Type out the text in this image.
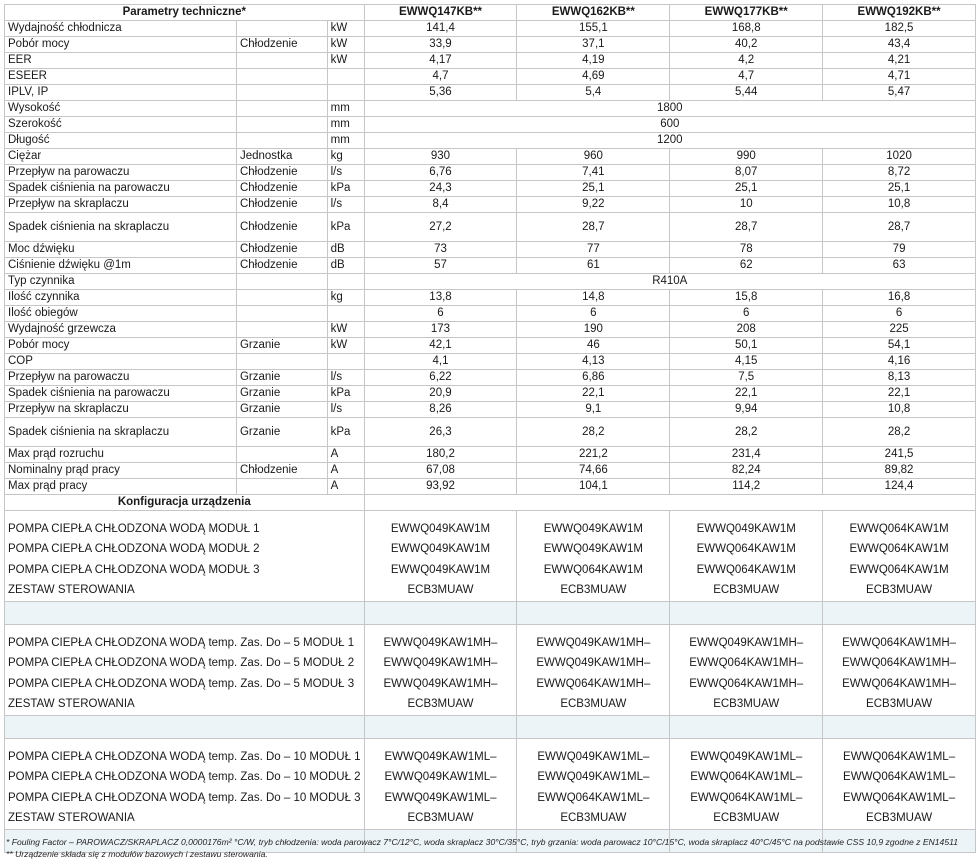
Parametry techniczne*			EWWQ147KB**	EWWQ162KB**	EWWQ177KB**	EWWQ192KB**
Wydajność chłodnicza		kW	141,4	155,1	168,8	182,5
Pobór mocy	Chłodzenie	kW	33,9	37,1	40,2	43,4
EER		kW	4,17	4,19	4,2	4,21
ESEER			4,7	4,69	4,7	4,71
IPLV, IP			5,36	5,4	5,44	5,47
Wysokość		mm	1800			
Szerokość		mm	600			
Długość		mm	1200			
Ciężar	Jednostka	kg	930	960	990	1020
Przepływ na parowaczu	Chłodzenie	l/s	6,76	7,41	8,07	8,72
Spadek ciśnienia na parowaczu	Chłodzenie	kPa	24,3	25,1	25,1	25,1
Przepływ na skraplaczu	Chłodzenie	l/s	8,4	9,22	10	10,8
Spadek ciśnienia na skraplaczu	Chłodzenie	kPa	27,2	28,7	28,7	28,7
Moc dźwięku	Chłodzenie	dB	73	77	78	79
Ciśnienie dźwięku @1m	Chłodzenie	dB	57	61	62	63
Typ czynnika			R410A			
Ilość czynnika		kg	13,8	14,8	15,8	16,8
Ilość obiegów			6	6	6	6
Wydajność grzewcza		kW	173	190	208	225
Pobór mocy	Grzanie	kW	42,1	46	50,1	54,1
COP			4,1	4,13	4,15	4,16
Przepływ na parowaczu	Grzanie	l/s	6,22	6,86	7,5	8,13
Spadek ciśnienia na parowaczu	Grzanie	kPa	20,9	22,1	22,1	22,1
Przepływ na skraplaczu	Grzanie	l/s	8,26	9,1	9,94	10,8
Spadek ciśnienia na skraplaczu	Grzanie	kPa	26,3	28,2	28,2	28,2
Max prąd rozruchu		A	180,2	221,2	231,4	241,5
Nominalny prąd pracy	Chłodzenie	A	67,08	74,66	82,24	89,82
Max prąd pracy		A	93,92	104,1	114,2	124,4
Konfiguracja urządzenia						

POMPA CIEPŁA CHŁODZONA WODĄ MODUŁ 1			EWWQ049KAW1M	EWWQ049KAW1M	EWWQ049KAW1M	EWWQ064KAW1M
POMPA CIEPŁA CHŁODZONA WODĄ MODUŁ 2			EWWQ049KAW1M	EWWQ049KAW1M	EWWQ064KAW1M	EWWQ064KAW1M
POMPA CIEPŁA CHŁODZONA WODĄ MODUŁ 3			EWWQ049KAW1M	EWWQ064KAW1M	EWWQ064KAW1M	EWWQ064KAW1M
ZESTAW STEROWANIA			ECB3MUAW	ECB3MUAW	ECB3MUAW	ECB3MUAW

POMPA CIEPŁA CHŁODZONA WODĄ temp. Zas. Do – 5 MODUŁ 1			EWWQ049KAW1MH–	EWWQ049KAW1MH–	EWWQ049KAW1MH–	EWWQ064KAW1MH–
POMPA CIEPŁA CHŁODZONA WODĄ temp. Zas. Do – 5 MODUŁ 2			EWWQ049KAW1MH–	EWWQ049KAW1MH–	EWWQ064KAW1MH–	EWWQ064KAW1MH–
POMPA CIEPŁA CHŁODZONA WODĄ temp. Zas. Do – 5 MODUŁ 3			EWWQ049KAW1MH–	EWWQ064KAW1MH–	EWWQ064KAW1MH–	EWWQ064KAW1MH–
ZESTAW STEROWANIA			ECB3MUAW	ECB3MUAW	ECB3MUAW	ECB3MUAW

POMPA CIEPŁA CHŁODZONA WODĄ temp. Zas. Do – 10 MODUŁ 1			EWWQ049KAW1ML–	EWWQ049KAW1ML–	EWWQ049KAW1ML–	EWWQ064KAW1ML–
POMPA CIEPŁA CHŁODZONA WODĄ temp. Zas. Do – 10 MODUŁ 2			EWWQ049KAW1ML–	EWWQ049KAW1ML–	EWWQ064KAW1ML–	EWWQ064KAW1ML–
POMPA CIEPŁA CHŁODZONA WODĄ temp. Zas. Do – 10 MODUŁ 3			EWWQ049KAW1ML–	EWWQ064KAW1ML–	EWWQ064KAW1ML–	EWWQ064KAW1ML–
ZESTAW STEROWANIA			ECB3MUAW	ECB3MUAW	ECB3MUAW	ECB3MUAW

* Fouling Factor – PAROWACZ/SKRAPLACZ 0,0000176m² °C/W, tryb chłodzenia: woda parowacz 7°C/12°C, woda skraplacz 30°C/35°C, tryb grzania: woda parowacz 10°C/15°C, woda skraplacz 40°C/45°C na podstawie CSS 10,9 zgodne z EN14511
** Urządzenie składa się z modułów bazowych i zestawu sterowania.
